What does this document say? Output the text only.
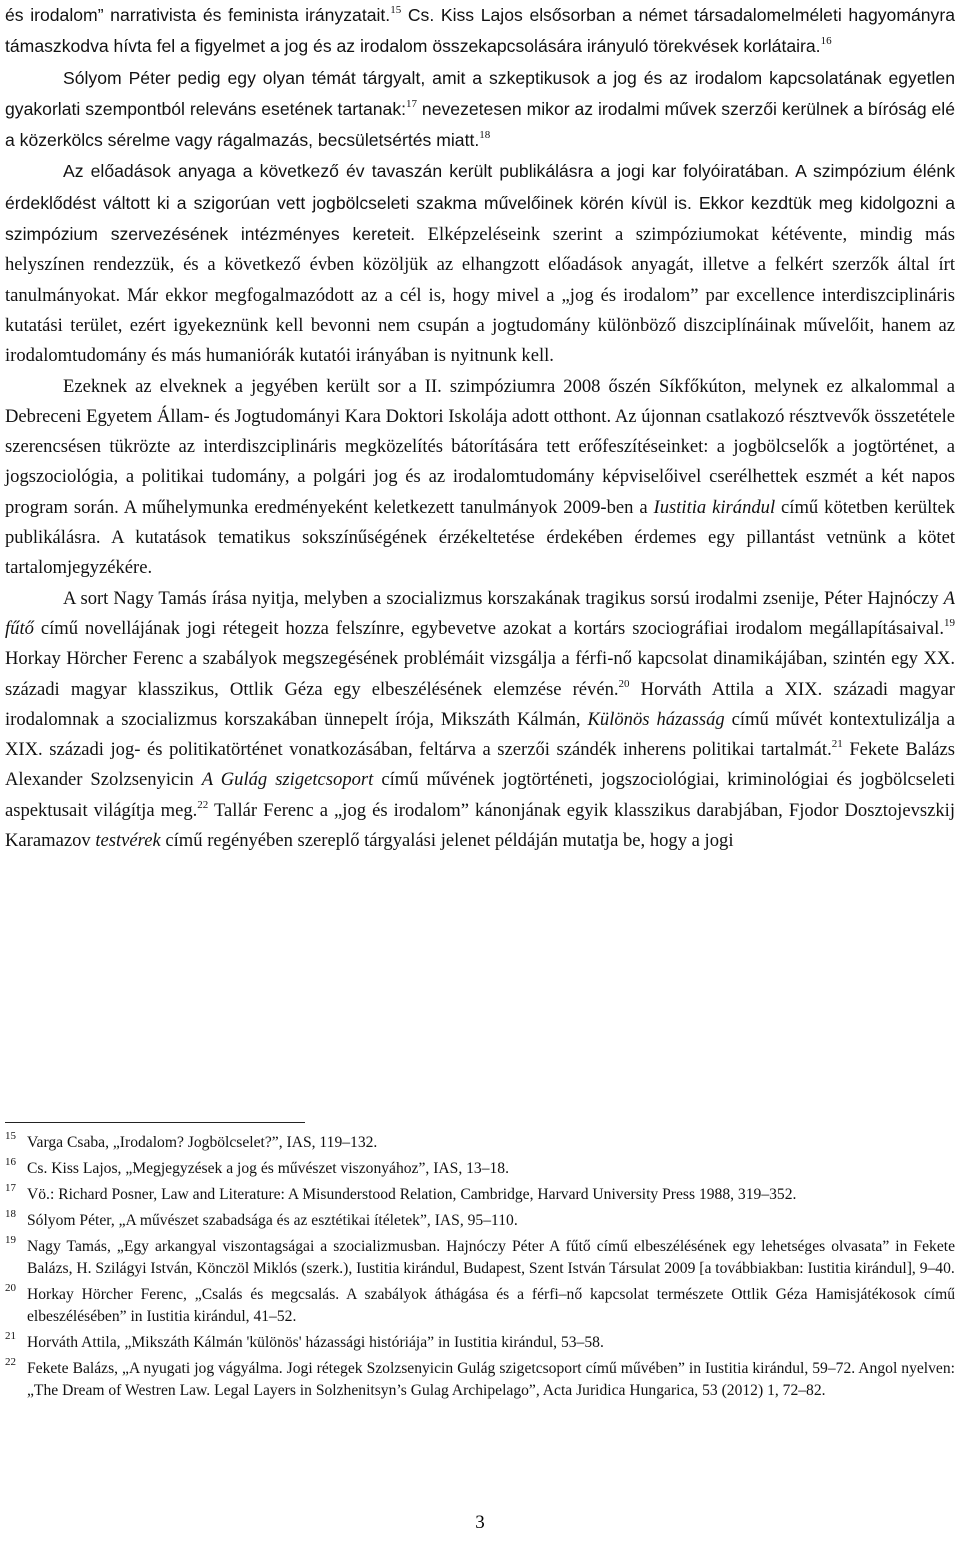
és irodalom” narrativista és feminista irányzatait.$^{15}$ Cs. Kiss Lajos elsősorban a német társadalomelméleti hagyományra támaszkodva hívta fel a figyelmet a jog és az irodalom összekapcsolására irányuló törekvések korlátaira.$^{16}$

Sólyom Péter pedig egy olyan témát tárgyalt, amit a szkeptikusok a jog és az irodalom kapcsolatának egyetlen gyakorlati szempontból releváns esetének tartanak:$^{17}$ nevezetesen mikor az irodalmi művek szerzői kerülnek a bíróság elé a közerkölcs sérelme vagy rágalmazás, becsületsértés miatt.$^{18}$

Az előadások anyaga a következő év tavaszán került publikálásra a jogi kar folyóiratában. A szimpózium élénk érdeklődést váltott ki a szigorúan vett jogbölcseleti szakma művelőinek körén kívül is. Ekkor kezdtük meg kidolgozni a szimpózium szervezésének intézményes kereteit. Elképzeléseink szerint a szimpóziumokat kétévente, mindig más helyszínen rendezzük, és a következő évben közöljük az elhangzott előadások anyagát, illetve a felkért szerzők által írt tanulmányokat. Már ekkor megfogalmazódott az a cél is, hogy mivel a „jog és irodalom” par excellence interdiszciplináris kutatási terület, ezért igyekeznünk kell bevonni nem csupán a jogtudomány különböző diszciplínáinak művelőit, hanem az irodalomtudomány és más humaniórák kutatói irányában is nyitnunk kell.

Ezeknek az elveknek a jegyében került sor a II. szimpóziumra 2008 őszén Síkfőkúton, melynek ez alkalommal a Debreceni Egyetem Állam- és Jogtudományi Kara Doktori Iskolája adott otthont. Az újonnan csatlakozó résztvevők összetétele szerencsésen tükrözte az interdiszciplináris megközelítés bátorítására tett erőfeszítéseinket: a jogbölcselők a jogtörténet, a jogszociológia, a politikai tudomány, a polgári jog és az irodalomtudomány képviselőivel cserélhettek eszmét a két napos program során. A műhelymunka eredményeként keletkezett tanulmányok 2009-ben a Iustitia kirándul című kötetben kerültek publikálásra. A kutatások tematikus sokszínűségének érzékeltetése érdekében érdemes egy pillantást vetnünk a kötet tartalomjegyzékére.

A sort Nagy Tamás írása nyitja, melyben a szocializmus korszakának tragikus sorsú irodalmi zsenije, Péter Hajnóczy A fűtő című novellájának jogi rétegeit hozza felszínre, egybevetve azokat a kortárs szociográfiai irodalom megállapításaival.$^{19}$ Horkay Hörcher Ferenc a szabályok megszegésének problémáit vizsgálja a férfi-nő kapcsolat dinamikájában, szintén egy XX. századi magyar klasszikus, Ottlik Géza egy elbeszélésének elemzése révén.$^{20}$ Horváth Attila a XIX. századi magyar irodalomnak a szocializmus korszakában ünnepelt írója, Mikszáth Kálmán, Különös házasság című művét kontextulizálja a XIX. századi jog- és politikatörténet vonatkozásában, feltárva a szerzői szándék inherens politikai tartalmát.$^{21}$ Fekete Balázs Alexander Szolzsenyicin A Gulág szigetcsoport című művének jogtörténeti, jogszociológiai, kriminológiai és jogbölcseleti aspektusait világítja meg.$^{22}$ Tallár Ferenc a „jog és irodalom” kánonjának egyik klasszikus darabjában, Fjodor Dosztojevszkij Karamazov testvérek című regényében szereplő tárgyalási jelenet példáján mutatja be, hogy a jogi

15 Varga Csaba, „Irodalom? Jogbölcselet?”, IAS, 119–132.
16 Cs. Kiss Lajos, „Megjegyzések a jog és művészet viszonyához”, IAS, 13–18.
17 Vö.: Richard Posner, Law and Literature: A Misunderstood Relation, Cambridge, Harvard University Press 1988, 319–352.
18 Sólyom Péter, „A művészet szabadsága és az esztétikai ítéletek”, IAS, 95–110.
19 Nagy Tamás, „Egy arkangyal viszontagságai a szocializmusban. Hajnóczy Péter A fűtő című elbeszélésének egy lehetséges olvasata” in Fekete Balázs, H. Szilágyi István, Könczöl Miklós (szerk.), Iustitia kirándul, Budapest, Szent István Társulat 2009 [a továbbiakban: Iustitia kirándul], 9–40.
20 Horkay Hörcher Ferenc, „Csalás és megcsalás. A szabályok áthágása és a férfi–nő kapcsolat természete Ottlik Géza Hamisjátékosok című elbeszélésében” in Iustitia kirándul, 41–52.
21 Horváth Attila, „Mikszáth Kálmán 'különös' házassági históriája” in Iustitia kirándul, 53–58.
22 Fekete Balázs, „A nyugati jog vágyálma. Jogi rétegek Szolzsenyicin Gulág szigetcsoport című művében” in Iustitia kirándul, 59–72. Angol nyelven: „The Dream of Westren Law. Legal Layers in Solzhenitsyn’s Gulag Archipelago”, Acta Juridica Hungarica, 53 (2012) 1, 72–82.
3
